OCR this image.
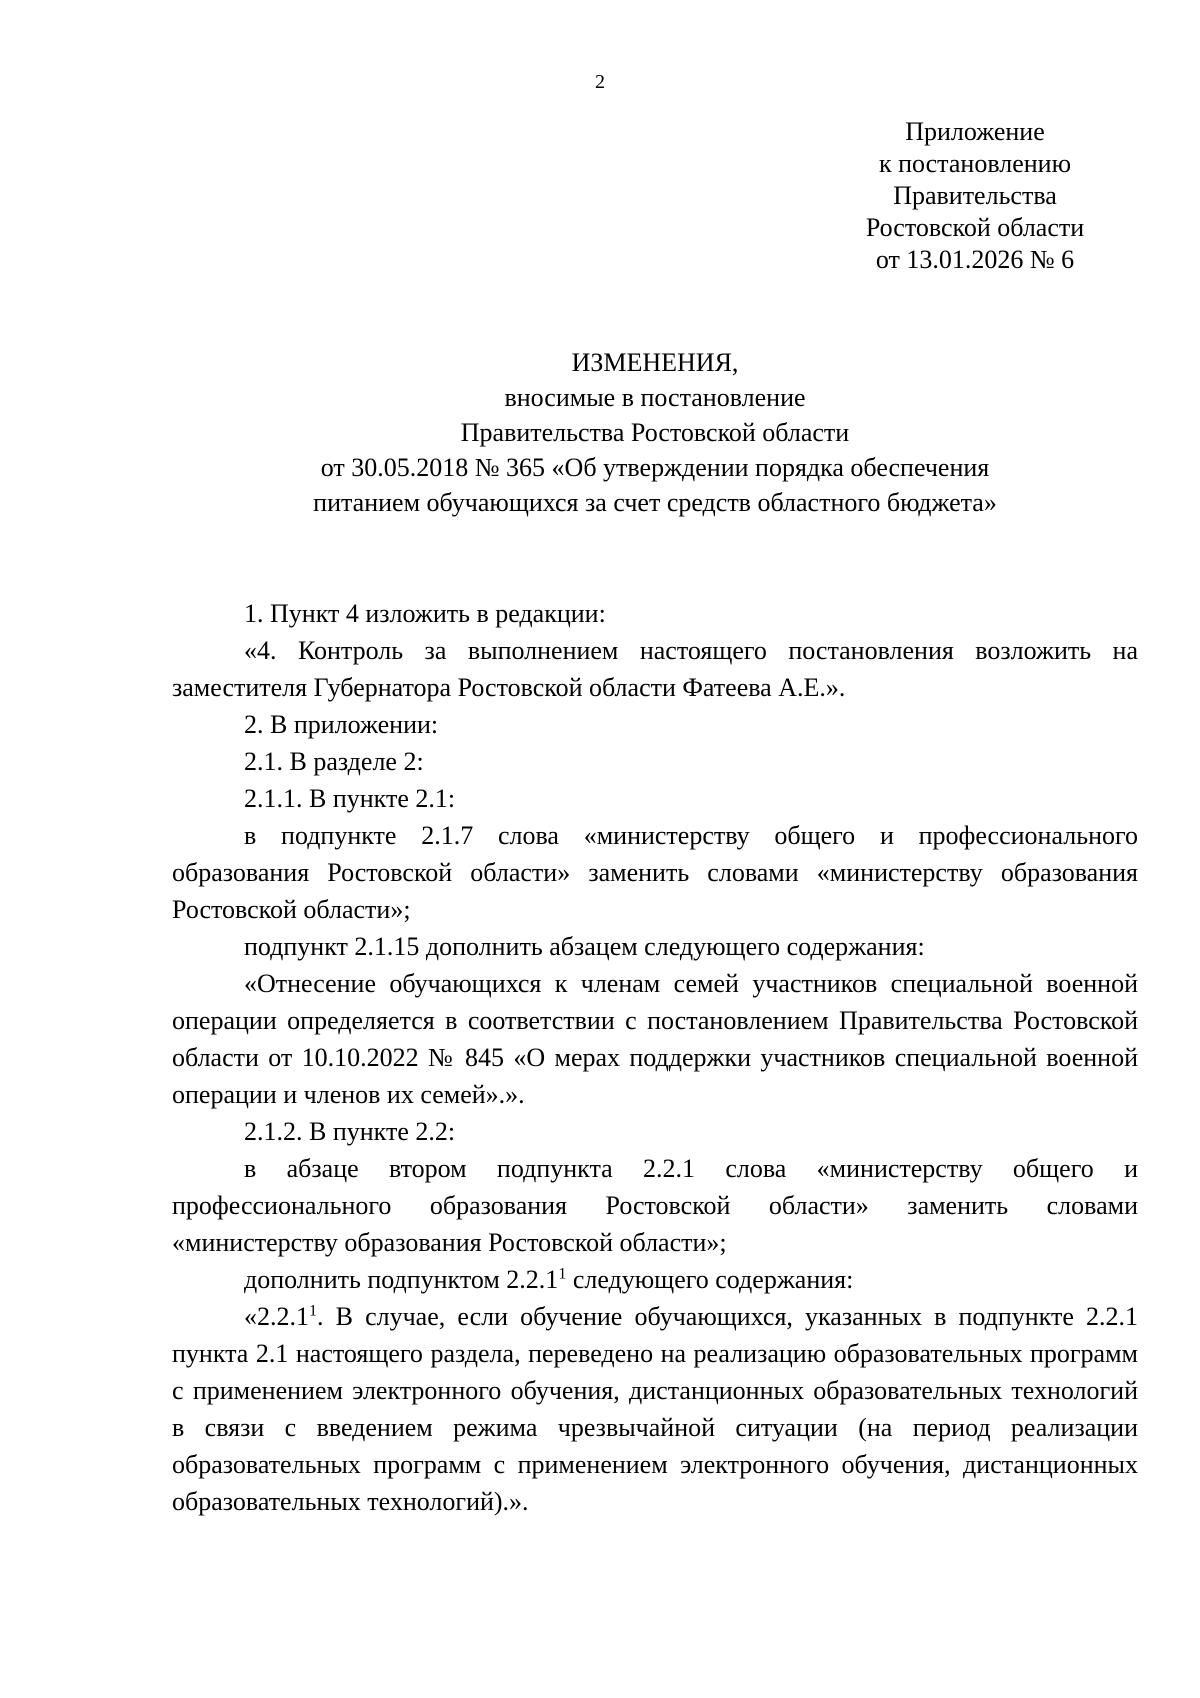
2
Приложение
к постановлению
Правительства
Ростовской области
от 13.01.2026 № 6
ИЗМЕНЕНИЯ,
вносимые в постановление
Правительства Ростовской области
от 30.05.2018 № 365 «Об утверждении порядка обеспечения
питанием обучающихся за счет средств областного бюджета»

1. Пункт 4 изложить в редакции:

«4. Контроль за выполнением настоящего постановления возложить на заместителя Губернатора Ростовской области Фатеева А.Е.».

2. В приложении:

2.1. В разделе 2:

2.1.1. В пункте 2.1:

в подпункте 2.1.7 слова «министерству общего и профессионального образования Ростовской области» заменить словами «министерству образования Ростовской области»;

подпункт 2.1.15 дополнить абзацем следующего содержания:

«Отнесение обучающихся к членам семей участников специальной военной операции определяется в соответствии с постановлением Правительства Ростовской области от 10.10.2022 № 845 «О мерах поддержки участников специальной военной операции и членов их семей».».

2.1.2. В пункте 2.2:

в абзаце втором подпункта 2.2.1 слова «министерству общего и профессионального образования Ростовской области» заменить словами «министерству образования Ростовской области»;

дополнить подпунктом 2.2.1$^1$ следующего содержания:

«2.2.1$^1$. В случае, если обучение обучающихся, указанных в подпункте 2.2.1 пункта 2.1 настоящего раздела, переведено на реализацию образовательных программ с применением электронного обучения, дистанционных образовательных технологий в связи с введением режима чрезвычайной ситуации (на период реализации образовательных программ с применением электронного обучения, дистанционных образовательных технологий).».
